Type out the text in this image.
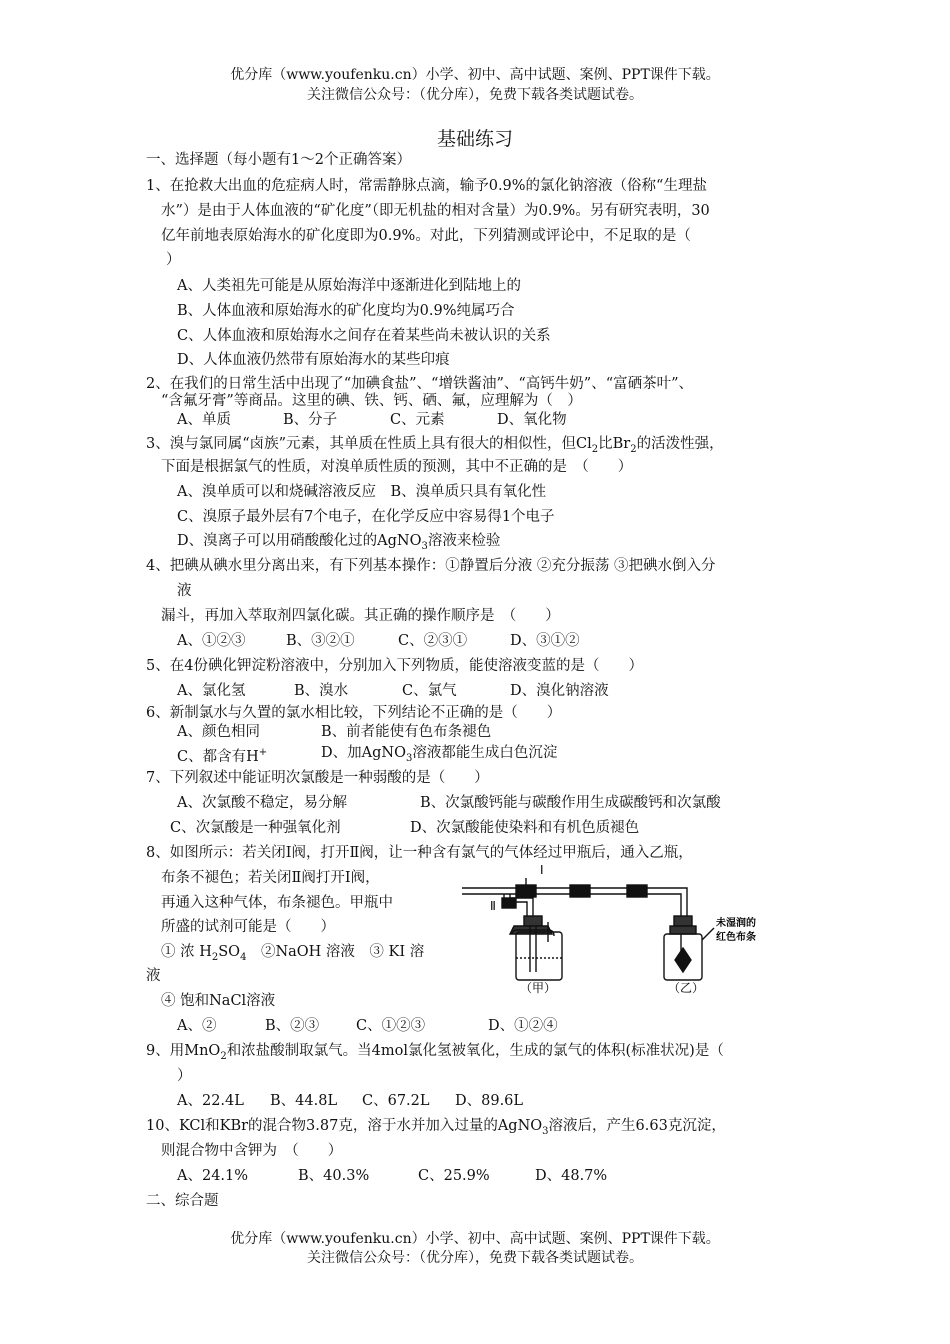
优分库（www.youfenku.cn）小学、初中、高中试题、案例、PPT课件下载。
关注微信公众号：（优分库），免费下载各类试题试卷。
基础练习
一、选择题（每小题有1～2个正确答案）
1、在抢救大出血的危症病人时，常需静脉点滴，输予0.9%的氯化钠溶液（俗称“生理盐
水”）是由于人体血液的“矿化度”（即无机盐的相对含量）为0.9%。另有研究表明，30
亿年前地表原始海水的矿化度即为0.9%。对此，下列猜测或评论中，不足取的是（
）
A、人类祖先可能是从原始海洋中逐渐进化到陆地上的
B、人体血液和原始海水的矿化度均为0.9%纯属巧合
C、人体血液和原始海水之间存在着某些尚未被认识的关系
D、人体血液仍然带有原始海水的某些印痕
2、在我们的日常生活中出现了“加碘食盐”、“增铁酱油”、“高钙牛奶”、“富硒茶叶”、
“含氟牙膏”等商品。这里的碘、铁、钙、硒、氟，应理解为（　）
A、单质	B、分子	C、元素	D、氧化物
3、溴与氯同属“卤族”元素，其单质在性质上具有很大的相似性，但$Cl_2$比$Br_2$的活泼性强，
下面是根据氯气的性质，对溴单质性质的预测，其中不正确的是　（　　）
A、溴单质可以和烧碱溶液反应　B、溴单质只具有氧化性
C、溴原子最外层有7个电子，在化学反应中容易得1个电子
D、溴离子可以用硝酸酸化过的AgNO$_3$溶液来检验
4、把碘从碘水里分离出来，有下列基本操作：①静置后分液 ②充分振荡 ③把碘水倒入分
液
漏斗，再加入萃取剂四氯化碳。其正确的操作顺序是　（　　）
A、①②③	B、③②①	C、②③①	D、③①②
5、在4份碘化钾淀粉溶液中，分别加入下列物质，能使溶液变蓝的是（　　）
A、氯化氢	B、溴水	C、氯气	D、溴化钠溶液
6、新制氯水与久置的氯水相比较，下列结论不正确的是（　　）
A、颜色相同	B、前者能使有色布条褪色
C、都含有H+	D、加AgNO$_3$溶液都能生成白色沉淀
7、下列叙述中能证明次氯酸是一种弱酸的是（　　）
A、次氯酸不稳定，易分解	B、次氯酸钙能与碳酸作用生成碳酸钙和次氯酸
C、次氯酸是一种强氧化剂	D、次氯酸能使染料和有机色质褪色
8、如图所示：若关闭Ⅰ阀，打开Ⅱ阀，让一种含有氯气的气体经过甲瓶后，通入乙瓶，
布条不褪色；若关闭Ⅱ阀打开Ⅰ阀，
再通入这种气体，布条褪色。甲瓶中
所盛的试剂可能是（　　）
① 浓 $H_2SO_4$　②NaOH 溶液　③ KI 溶
液
④ 饱和NaCl溶液
A、②	B、②③	C、①②③	D、①②④
Ⅰ
Ⅱ
（甲）	（乙）
未湿润的
红色布条
9、用MnO$_2$和浓盐酸制取氯气。当4mol氯化氢被氧化，生成的氯气的体积(标准状况)是（
）
A、22.4L B、44.8L C、67.2L D、89.6L
10、KCl和KBr的混合物3.87克，溶于水并加入过量的AgNO$_3$溶液后，产生6.63克沉淀，
则混合物中含钾为　（　　）
A、24.1%	B、40.3%	C、25.9%	D、48.7%
二、综合题
优分库（www.youfenku.cn）小学、初中、高中试题、案例、PPT课件下载。
关注微信公众号：（优分库），免费下载各类试题试卷。
